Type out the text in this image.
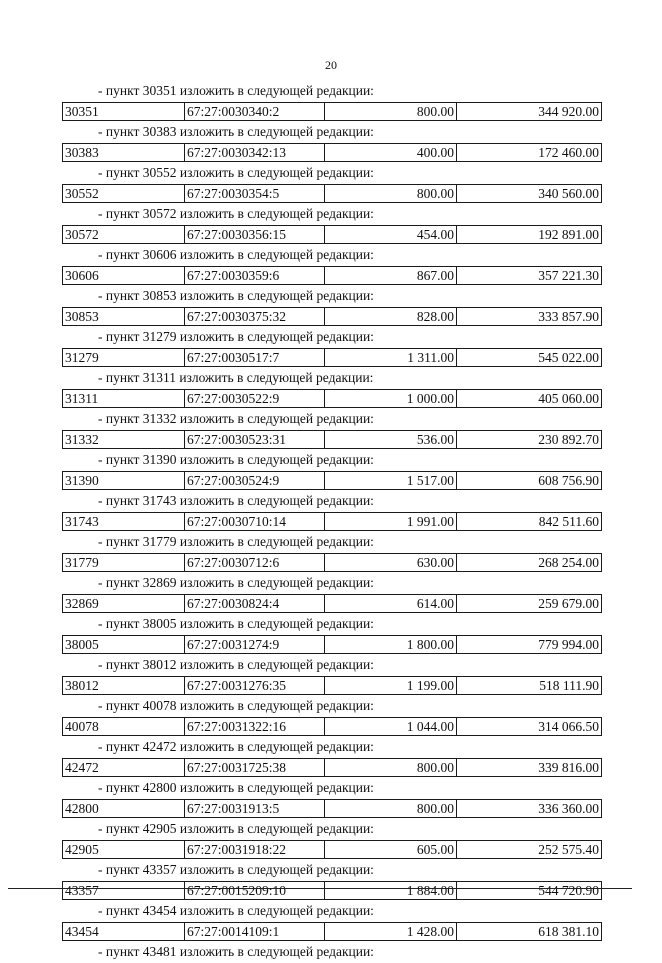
20
- пункт 30351 изложить в следующей редакции:
30351	67:27:0030340:2	800.00	344 920.00
- пункт 30383 изложить в следующей редакции:
30383	67:27:0030342:13	400.00	172 460.00
- пункт 30552 изложить в следующей редакции:
30552	67:27:0030354:5	800.00	340 560.00
- пункт 30572 изложить в следующей редакции:
30572	67:27:0030356:15	454.00	192 891.00
- пункт 30606 изложить в следующей редакции:
30606	67:27:0030359:6	867.00	357 221.30
- пункт 30853 изложить в следующей редакции:
30853	67:27:0030375:32	828.00	333 857.90
- пункт 31279 изложить в следующей редакции:
31279	67:27:0030517:7	1 311.00	545 022.00
- пункт 31311 изложить в следующей редакции:
31311	67:27:0030522:9	1 000.00	405 060.00
- пункт 31332 изложить в следующей редакции:
31332	67:27:0030523:31	536.00	230 892.70
- пункт 31390 изложить в следующей редакции:
31390	67:27:0030524:9	1 517.00	608 756.90
- пункт 31743 изложить в следующей редакции:
31743	67:27:0030710:14	1 991.00	842 511.60
- пункт 31779 изложить в следующей редакции:
31779	67:27:0030712:6	630.00	268 254.00
- пункт 32869 изложить в следующей редакции:
32869	67:27:0030824:4	614.00	259 679.00
- пункт 38005 изложить в следующей редакции:
38005	67:27:0031274:9	1 800.00	779 994.00
- пункт 38012 изложить в следующей редакции:
38012	67:27:0031276:35	1 199.00	518 111.90
- пункт 40078 изложить в следующей редакции:
40078	67:27:0031322:16	1 044.00	314 066.50
- пункт 42472 изложить в следующей редакции:
42472	67:27:0031725:38	800.00	339 816.00
- пункт 42800 изложить в следующей редакции:
42800	67:27:0031913:5	800.00	336 360.00
- пункт 42905 изложить в следующей редакции:
42905	67:27:0031918:22	605.00	252 575.40
- пункт 43357 изложить в следующей редакции:
43357	67:27:0015209:10	1 884.00	544 720.90
- пункт 43454 изложить в следующей редакции:
43454	67:27:0014109:1	1 428.00	618 381.10
- пункт 43481 изложить в следующей редакции:
